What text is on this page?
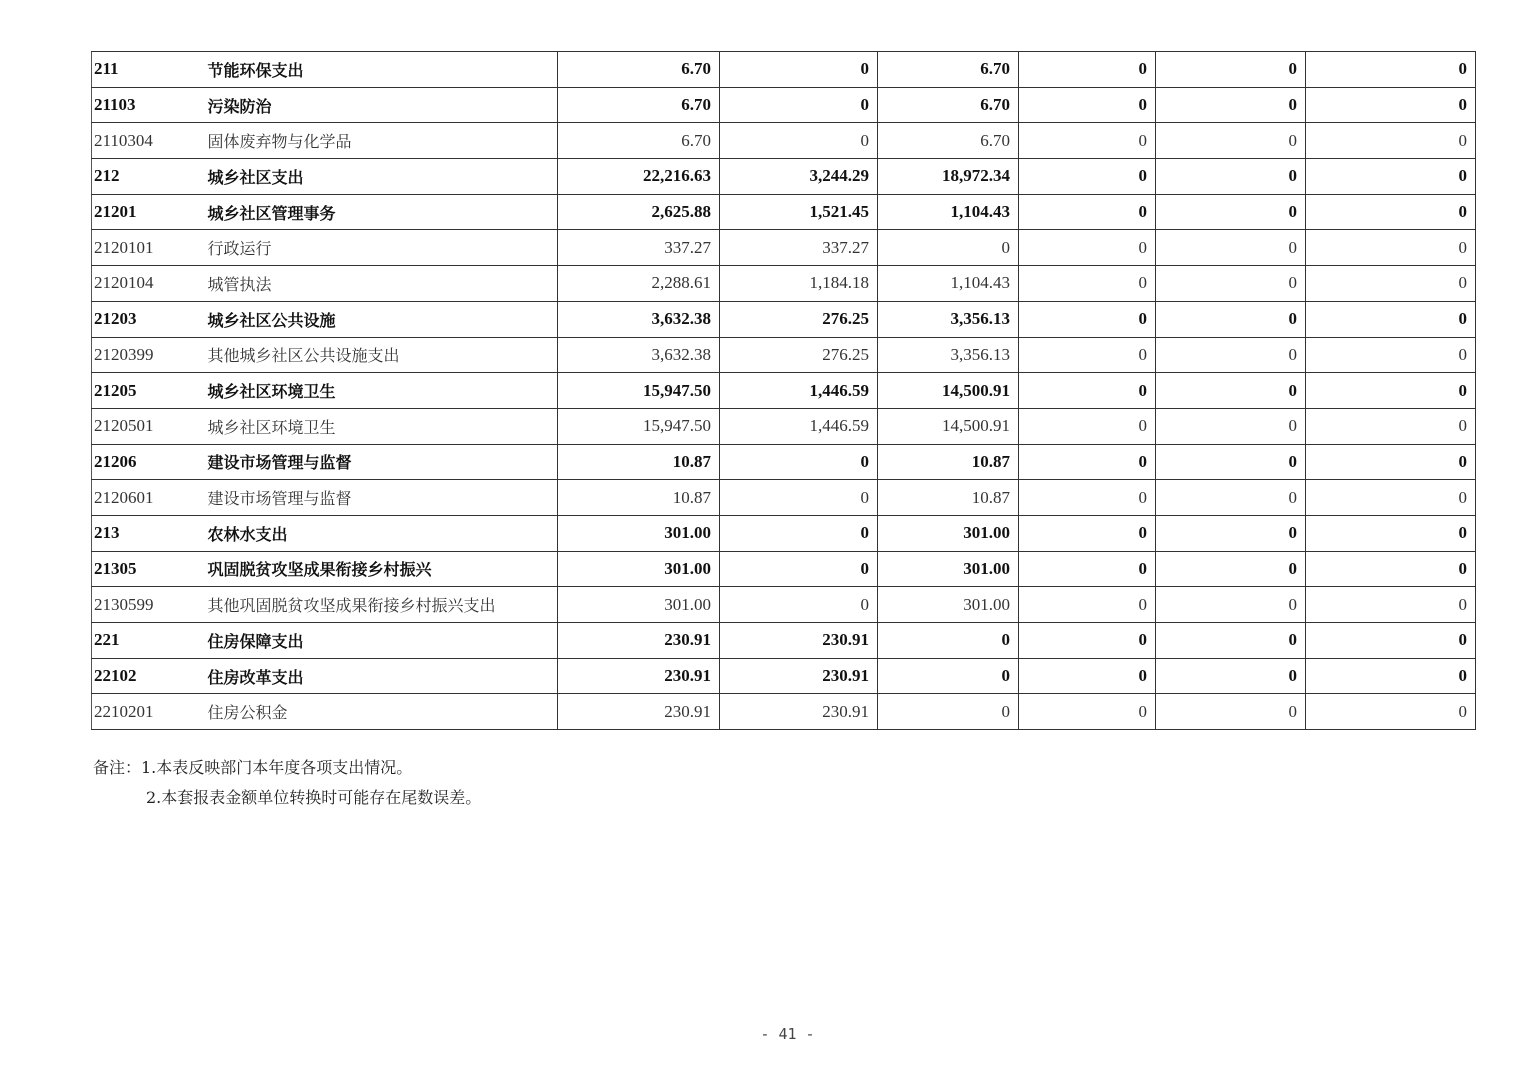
211	节能环保支出	6.70	0	6.70	0	0	0
21103	污染防治	6.70	0	6.70	0	0	0
2110304	固体废弃物与化学品	6.70	0	6.70	0	0	0
212	城乡社区支出	22,216.63	3,244.29	18,972.34	0	0	0
21201	城乡社区管理事务	2,625.88	1,521.45	1,104.43	0	0	0
2120101	行政运行	337.27	337.27	0	0	0	0
2120104	城管执法	2,288.61	1,184.18	1,104.43	0	0	0
21203	城乡社区公共设施	3,632.38	276.25	3,356.13	0	0	0
2120399	其他城乡社区公共设施支出	3,632.38	276.25	3,356.13	0	0	0
21205	城乡社区环境卫生	15,947.50	1,446.59	14,500.91	0	0	0
2120501	城乡社区环境卫生	15,947.50	1,446.59	14,500.91	0	0	0
21206	建设市场管理与监督	10.87	0	10.87	0	0	0
2120601	建设市场管理与监督	10.87	0	10.87	0	0	0
213	农林水支出	301.00	0	301.00	0	0	0
21305	巩固脱贫攻坚成果衔接乡村振兴	301.00	0	301.00	0	0	0
2130599	其他巩固脱贫攻坚成果衔接乡村振兴支出	301.00	0	301.00	0	0	0
221	住房保障支出	230.91	230.91	0	0	0	0
22102	住房改革支出	230.91	230.91	0	0	0	0
2210201	住房公积金	230.91	230.91	0	0	0	0
备注：1.本表反映部门本年度各项支出情况。
2.本套报表金额单位转换时可能存在尾数误差。
- 41 -
